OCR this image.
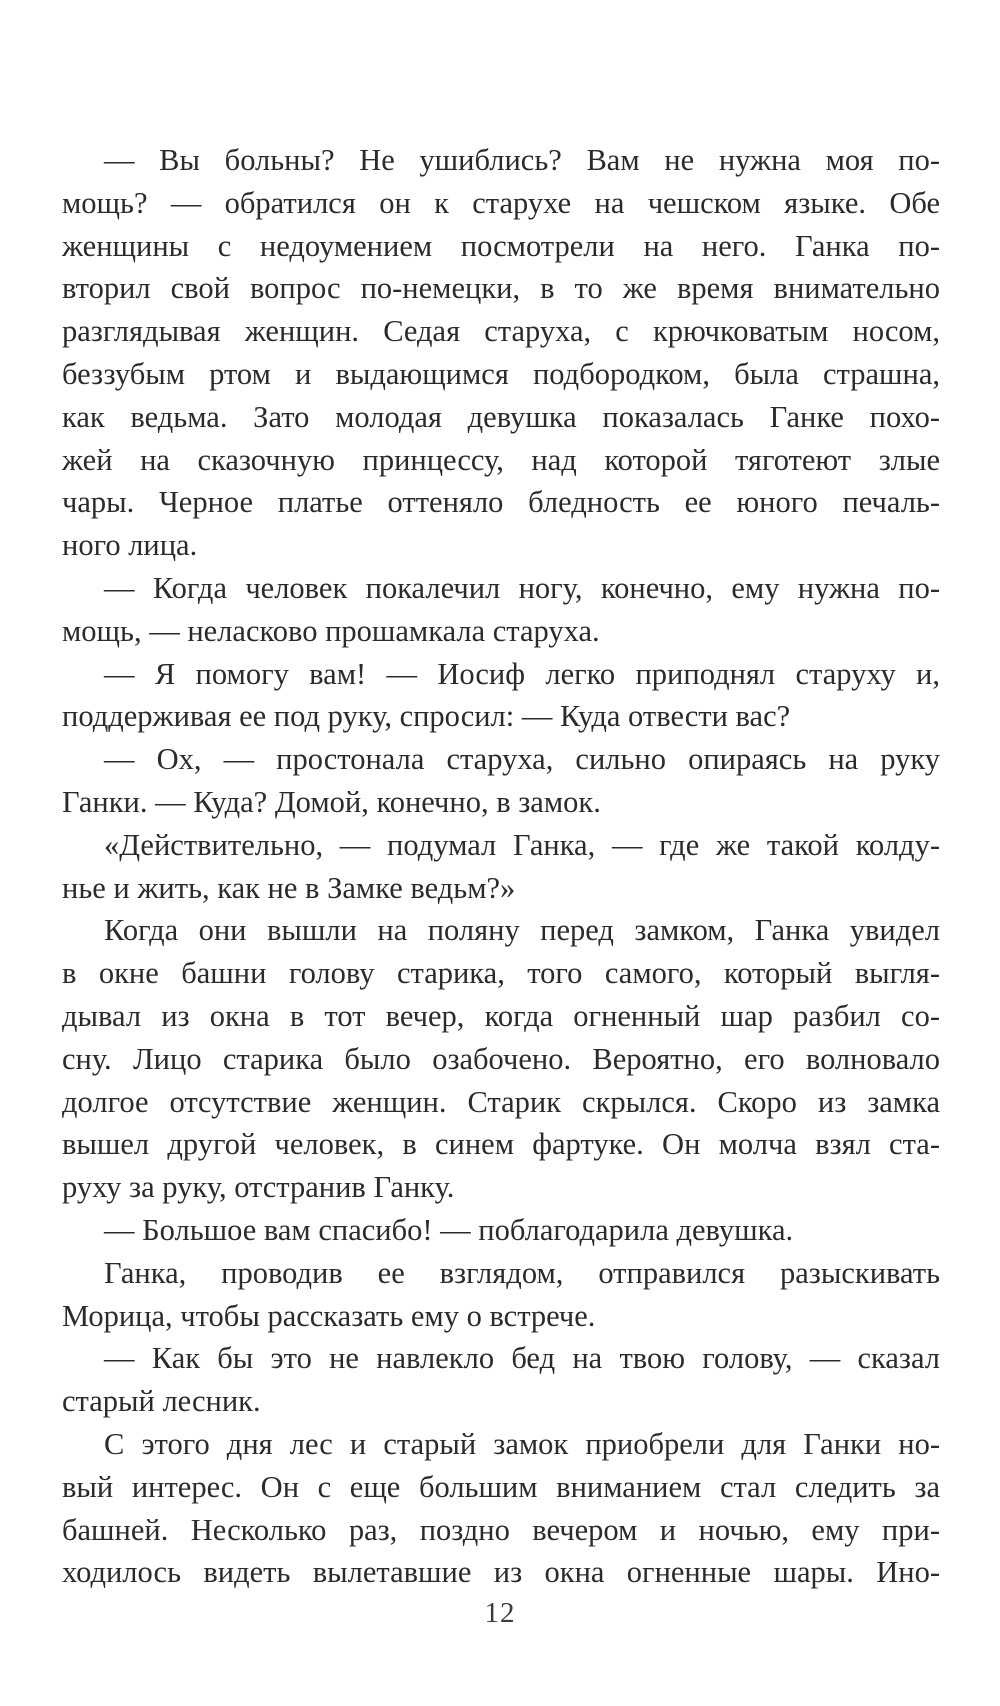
— Вы больны? Не ушиблись? Вам не нужна моя по-
мощь? — обратился он к старухе на чешском языке. Обе
женщины с недоумением посмотрели на него. Ганка по-
вторил свой вопрос по-немецки, в то же время внимательно
разглядывая женщин. Седая старуха, с крючковатым носом,
беззубым ртом и выдающимся подбородком, была страшна,
как ведьма. Зато молодая девушка показалась Ганке похо-
жей на сказочную принцессу, над которой тяготеют злые
чары. Черное платье оттеняло бледность ее юного печаль-
ного лица.
— Когда человек покалечил ногу, конечно, ему нужна по-
мощь, — неласково прошамкала старуха.
— Я помогу вам! — Иосиф легко приподнял старуху и,
поддерживая ее под руку, спросил: — Куда отвести вас?
— Ох, — простонала старуха, сильно опираясь на руку
Ганки. — Куда? Домой, конечно, в замок.
«Действительно, — подумал Ганка, — где же такой колду-
нье и жить, как не в Замке ведьм?»
Когда они вышли на поляну перед замком, Ганка увидел
в окне башни голову старика, того самого, который выгля-
дывал из окна в тот вечер, когда огненный шар разбил со-
сну. Лицо старика было озабочено. Вероятно, его волновало
долгое отсутствие женщин. Старик скрылся. Скоро из замка
вышел другой человек, в синем фартуке. Он молча взял ста-
руху за руку, отстранив Ганку.
— Большое вам спасибо! — поблагодарила девушка.
Ганка, проводив ее взглядом, отправился разыскивать
Морица, чтобы рассказать ему о встрече.
— Как бы это не навлекло бед на твою голову, — сказал
старый лесник.
С этого дня лес и старый замок приобрели для Ганки но-
вый интерес. Он с еще большим вниманием стал следить за
башней. Несколько раз, поздно вечером и ночью, ему при-
ходилось видеть вылетавшие из окна огненные шары. Ино-
12
